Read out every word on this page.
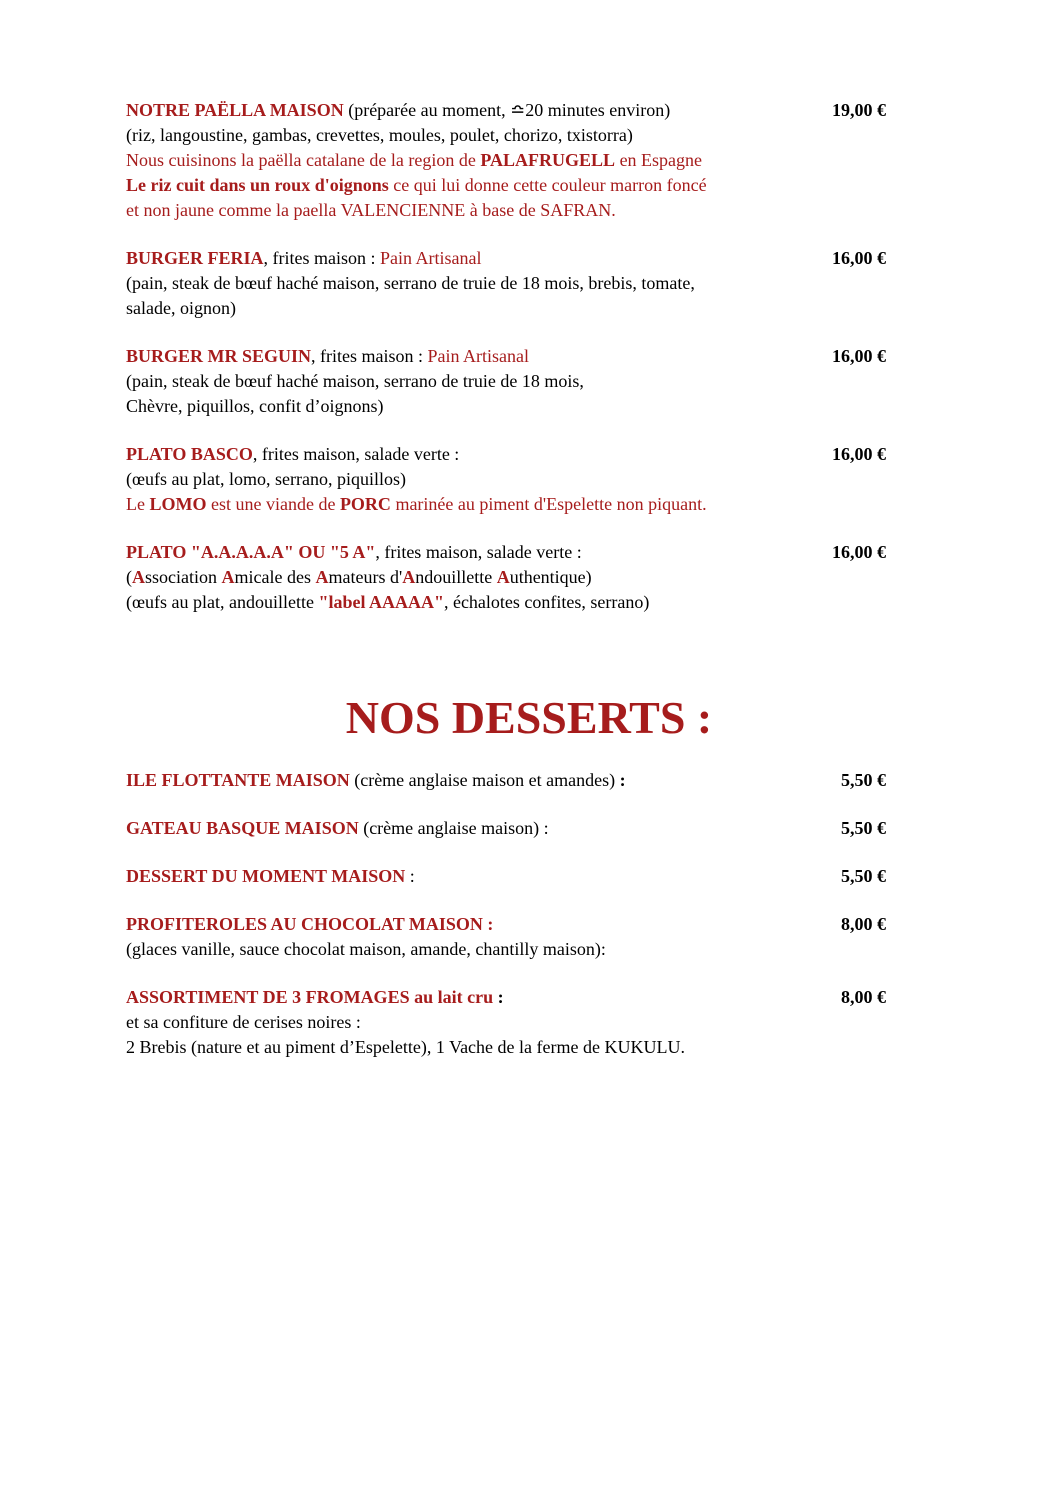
NOTRE PAËLLA MAISON (préparée au moment, ≏20 minutes environ)	19,00 €
(riz, langoustine, gambas, crevettes, moules, poulet, chorizo, txistorra)
Nous cuisinons la paëlla catalane de la region de PALAFRUGELL en Espagne
Le riz cuit dans un roux d'oignons ce qui lui donne cette couleur marron foncé
et non jaune comme la paella VALENCIENNE à base de SAFRAN.
BURGER FERIA, frites maison : Pain Artisanal	16,00 €
(pain, steak de bœuf haché maison, serrano de truie de 18 mois, brebis, tomate,
salade, oignon)
BURGER MR SEGUIN, frites maison : Pain Artisanal	16,00 €
(pain, steak de bœuf haché maison, serrano de truie de 18 mois,
Chèvre, piquillos, confit d’oignons)
PLATO BASCO, frites maison, salade verte :	16,00 €
(œufs au plat, lomo, serrano, piquillos)
Le LOMO est une viande de PORC marinée au piment d'Espelette non piquant.
PLATO "A.A.A.A.A" OU "5 A", frites maison, salade verte :	16,00 €
(Association Amicale des Amateurs d'Andouillette Authentique)
(œufs au plat, andouillette "label AAAAA", échalotes confites, serrano)
NOS DESSERTS :
ILE FLOTTANTE MAISON (crème anglaise maison et amandes) :	5,50 €
GATEAU BASQUE MAISON (crème anglaise maison) :	5,50 €
DESSERT DU MOMENT MAISON :	5,50 €
PROFITEROLES AU CHOCOLAT MAISON :	8,00 €
(glaces vanille, sauce chocolat maison, amande, chantilly maison):
ASSORTIMENT DE 3 FROMAGES au lait cru :	8,00 €
et sa confiture de cerises noires :
2 Brebis (nature et au piment d’Espelette), 1 Vache de la ferme de KUKULU.
